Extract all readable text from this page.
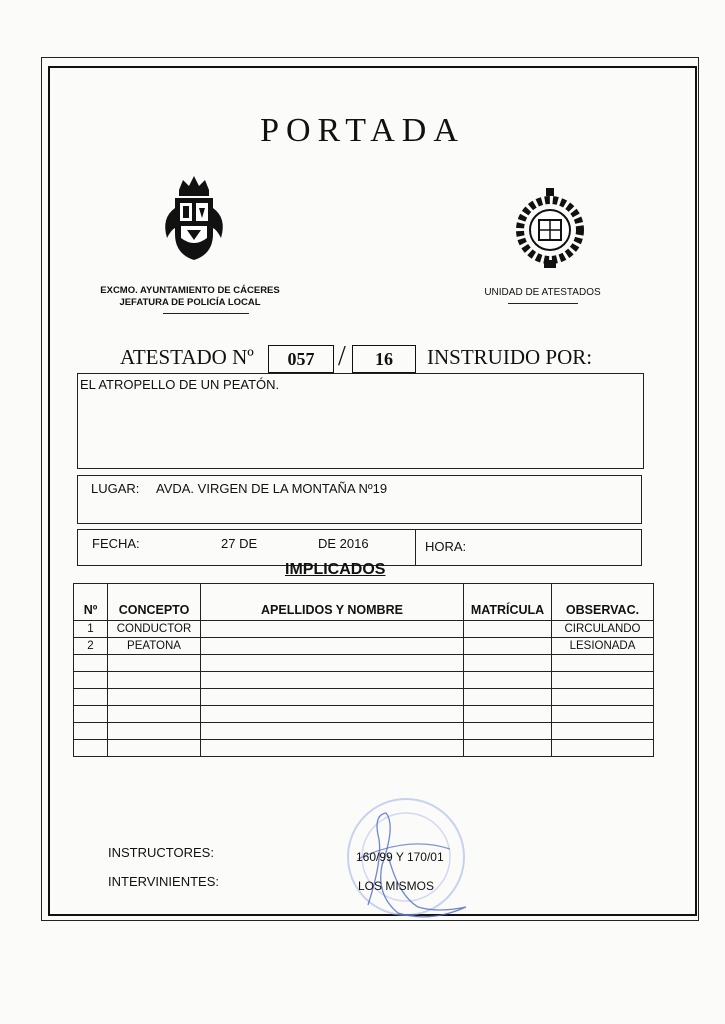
PORTADA
EXCMO. AYUNTAMIENTO DE CÁCERES
JEFATURA DE POLICÍA LOCAL
UNIDAD DE ATESTADOS
ATESTADO Nº	057 /	16	INSTRUIDO POR:
EL ATROPELLO DE UN PEATÓN.
LUGAR: AVDA. VIRGEN DE LA MONTAÑA Nº19
FECHA:	27 DE	DE 2016	HORA:
IMPLICADOS
Nº	CONCEPTO	APELLIDOS Y NOMBRE	MATRÍCULA	OBSERVAC.
1	CONDUCTOR			CIRCULANDO
2	PEATONA			LESIONADA

INSTRUCTORES:
INTERVINIENTES:
160/99 Y 170/01
LOS MISMOS
